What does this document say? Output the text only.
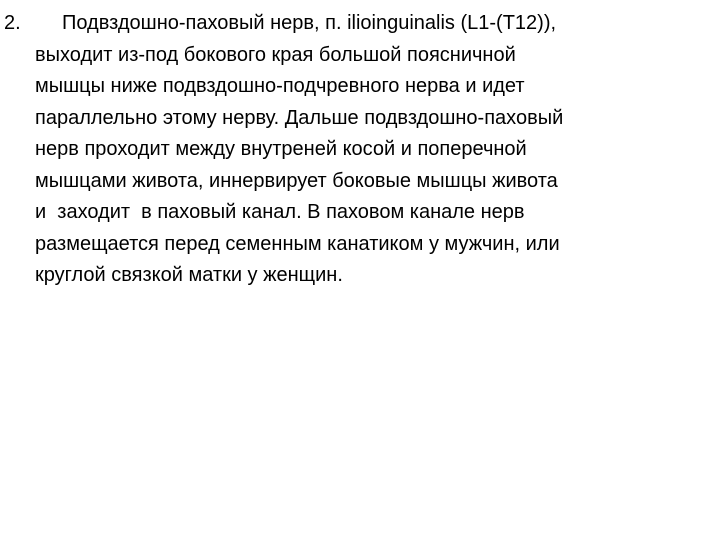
2.	Подвздошно-паховый нерв, п. ilioinguinalis (L1-(T12)),
выходит из-под бокового края большой поясничной
мышцы ниже подвздошно-подчревного нерва и идет
параллельно этому нерву. Дальше подвздошно-паховый
нерв проходит между внутреней косой и поперечной
мышцами живота, иннервирует боковые мышцы живота
и  заходит  в паховый канал. В паховом канале нерв
размещается перед семенным канатиком у мужчин, или
круглой связкой матки у женщин.
